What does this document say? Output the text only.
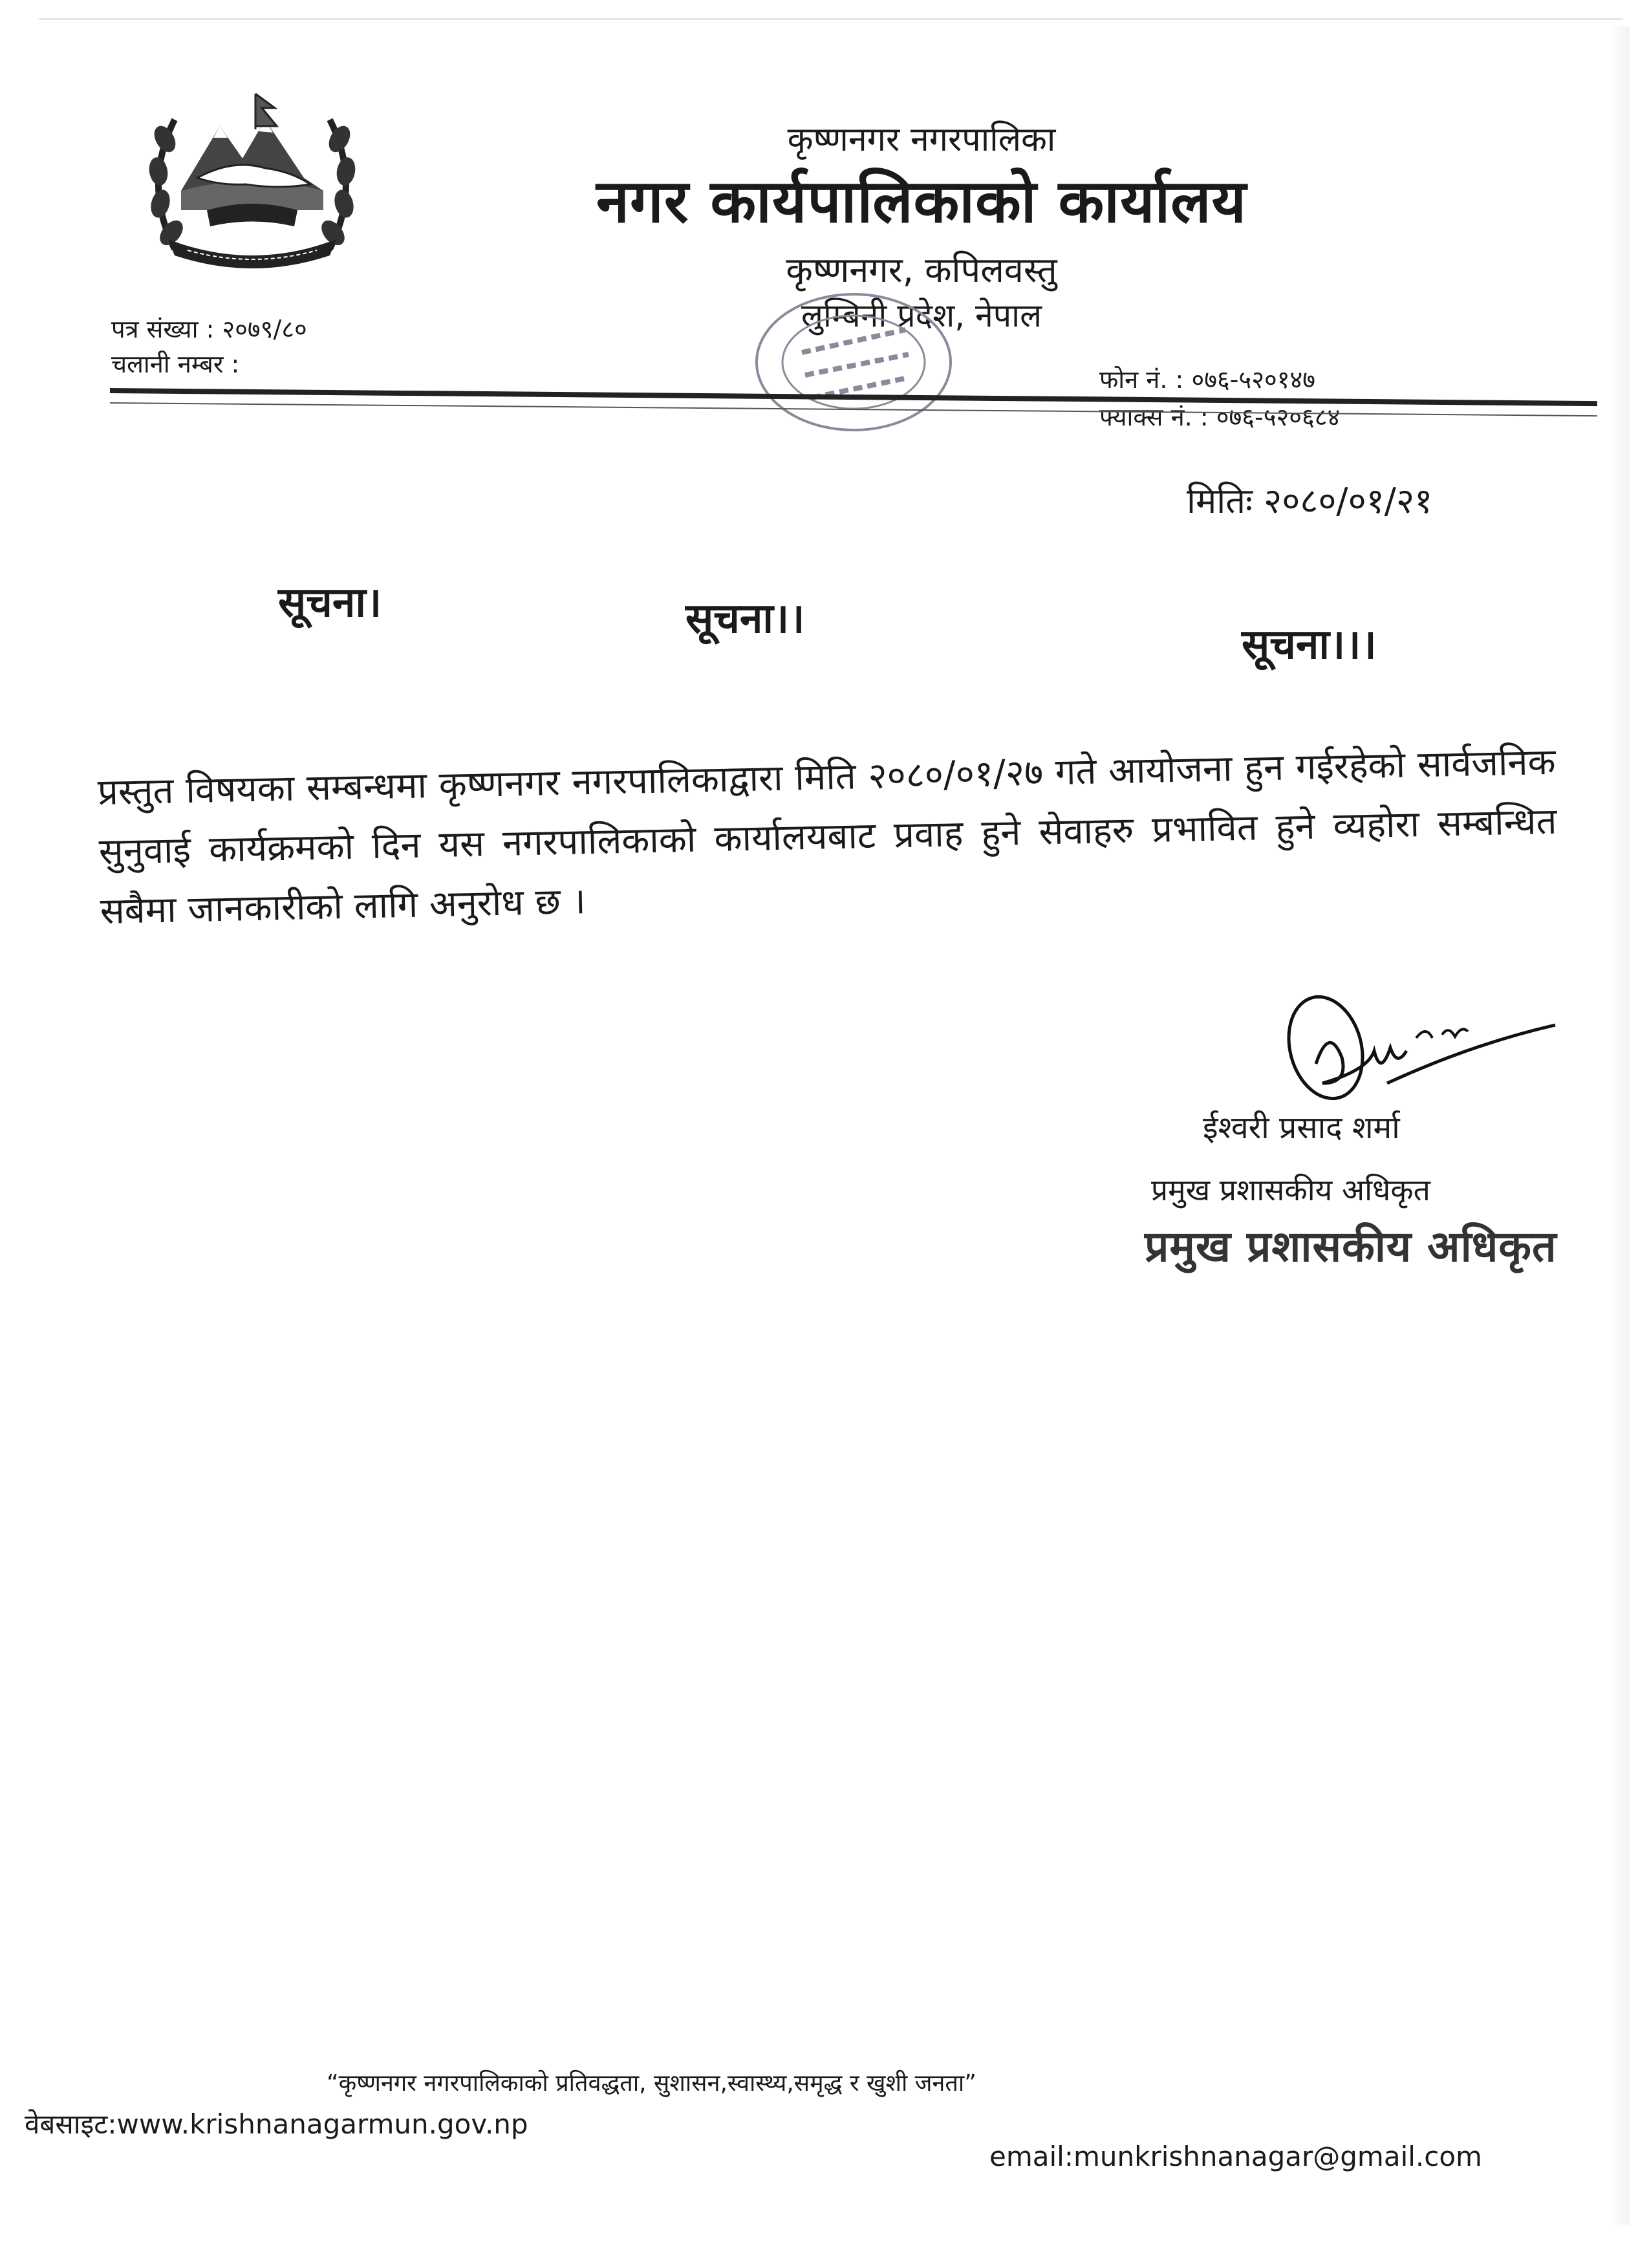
कृष्णनगर नगरपालिका
नगर कार्यपालिकाको कार्यालय
कृष्णनगर, कपिलवस्तु
लुम्बिनी प्रदेश, नेपाल
पत्र संख्या : २०७९/८०
चलानी नम्बर :
फोन नं. : ०७६-५२०१४७
फ्याक्स नं. : ०७६-५२०६८४
मितिः २०८०/०१/२१
सूचना।	सूचना।।
सूचना।।।
प्रस्तुत विषयका सम्बन्धमा कृष्णनगर नगरपालिकाद्वारा मिति २०८०/०१/२७ गते आयोजना हुन गईरहेको सार्वजनिक सुनुवाई कार्यक्रमको दिन यस नगरपालिकाको कार्यालयबाट प्रवाह हुने सेवाहरु प्रभावित हुने व्यहोरा सम्बन्धित सबैमा जानकारीको लागि अनुरोध छ ।
ईश्वरी प्रसाद शर्मा
प्रमुख प्रशासकीय अधिकृत
प्रमुख प्रशासकीय अधिकृत
“कृष्णनगर नगरपालिकाको प्रतिवद्धता, सुशासन,स्वास्थ्य,समृद्ध र खुशी जनता”
वेबसाइट:www.krishnanagarmun.gov.np
email:munkrishnanagar@gmail.com
